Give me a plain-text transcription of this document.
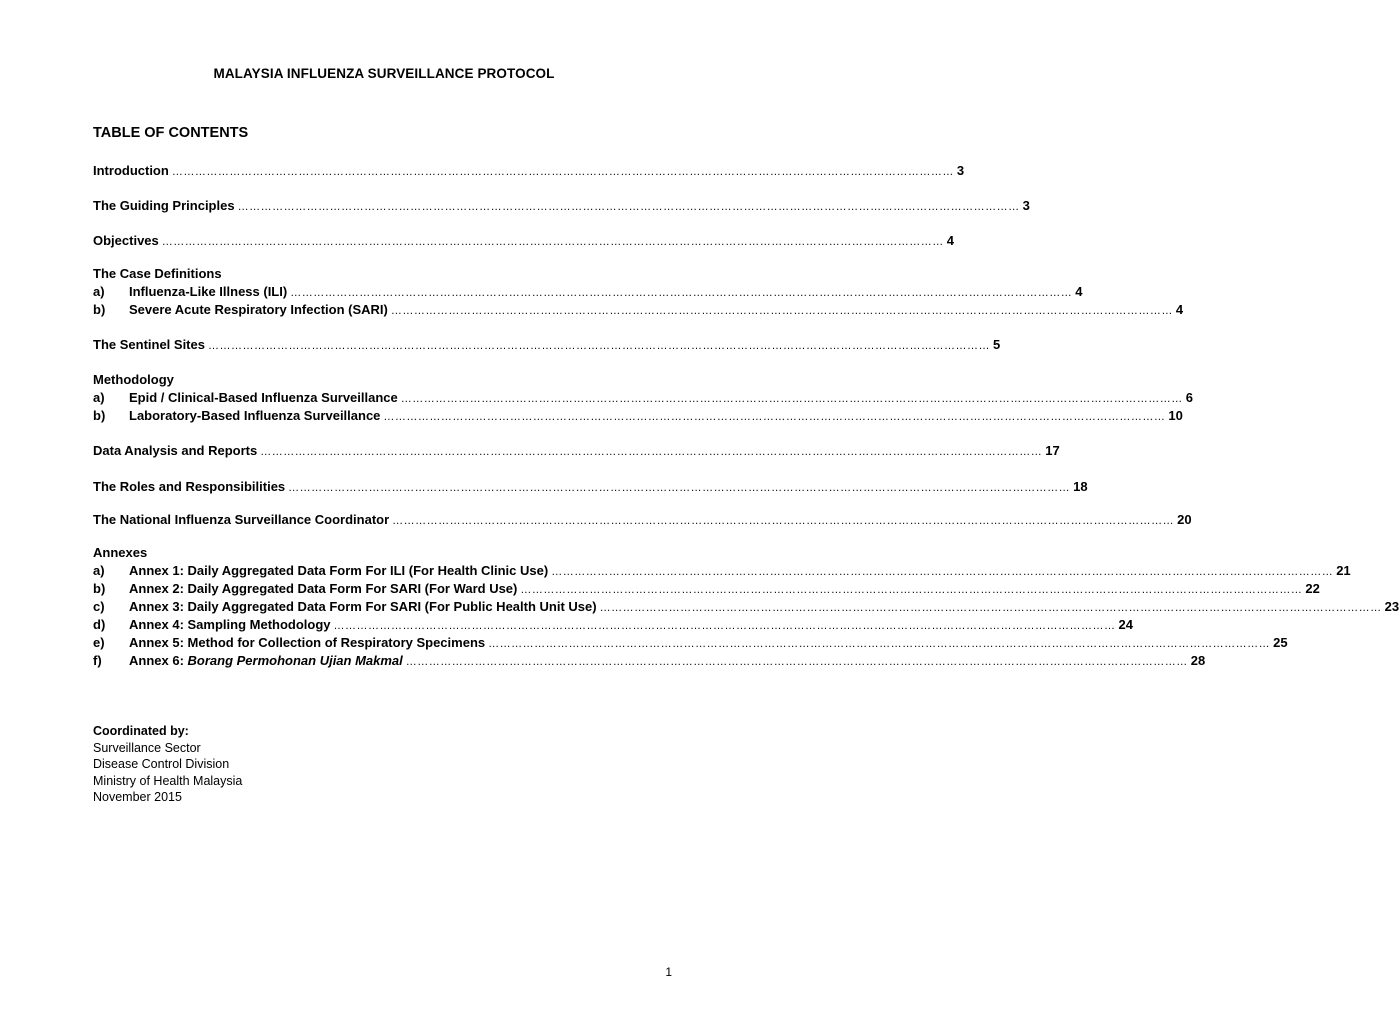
MALAYSIA INFLUENZA SURVEILLANCE PROTOCOL
TABLE OF CONTENTS
Introduction …………………………………………………………………………………………………………………………………………………………………………………… 3
The Guiding Principles …………………………………………………………………………………………………………………………………………………………………………………… 3
Objectives …………………………………………………………………………………………………………………………………………………………………………………… 4
The Case Definitions
a)	Influenza-Like Illness (ILI) …………………………………………………………………………………………………………………………………………………………………………………… 4
b)	Severe Acute Respiratory Infection (SARI) …………………………………………………………………………………………………………………………………………………………………………………… 4
The Sentinel Sites …………………………………………………………………………………………………………………………………………………………………………………… 5
Methodology
a)	Epid / Clinical-Based Influenza Surveillance …………………………………………………………………………………………………………………………………………………………………………………… 6
b)	Laboratory-Based Influenza Surveillance …………………………………………………………………………………………………………………………………………………………………………………… 10
Data Analysis and Reports …………………………………………………………………………………………………………………………………………………………………………………… 17
The Roles and Responsibilities …………………………………………………………………………………………………………………………………………………………………………………… 18
The National Influenza Surveillance Coordinator …………………………………………………………………………………………………………………………………………………………………………………… 20
Annexes
a)	Annex 1: Daily Aggregated Data Form For ILI (For Health Clinic Use) …………………………………………………………………………………………………………………………………………………………………………………… 21
b)	Annex 2: Daily Aggregated Data Form For SARI (For Ward Use) …………………………………………………………………………………………………………………………………………………………………………………… 22
c)	Annex 3: Daily Aggregated Data Form For SARI (For Public Health Unit Use) …………………………………………………………………………………………………………………………………………………………………………………… 23
d)	Annex 4: Sampling Methodology …………………………………………………………………………………………………………………………………………………………………………………… 24
e)	Annex 5: Method for Collection of Respiratory Specimens …………………………………………………………………………………………………………………………………………………………………………………… 25
f)	Annex 6: Borang Permohonan Ujian Makmal …………………………………………………………………………………………………………………………………………………………………………………… 28
Coordinated by:
Surveillance Sector
Disease Control Division
Ministry of Health Malaysia
November 2015
1
